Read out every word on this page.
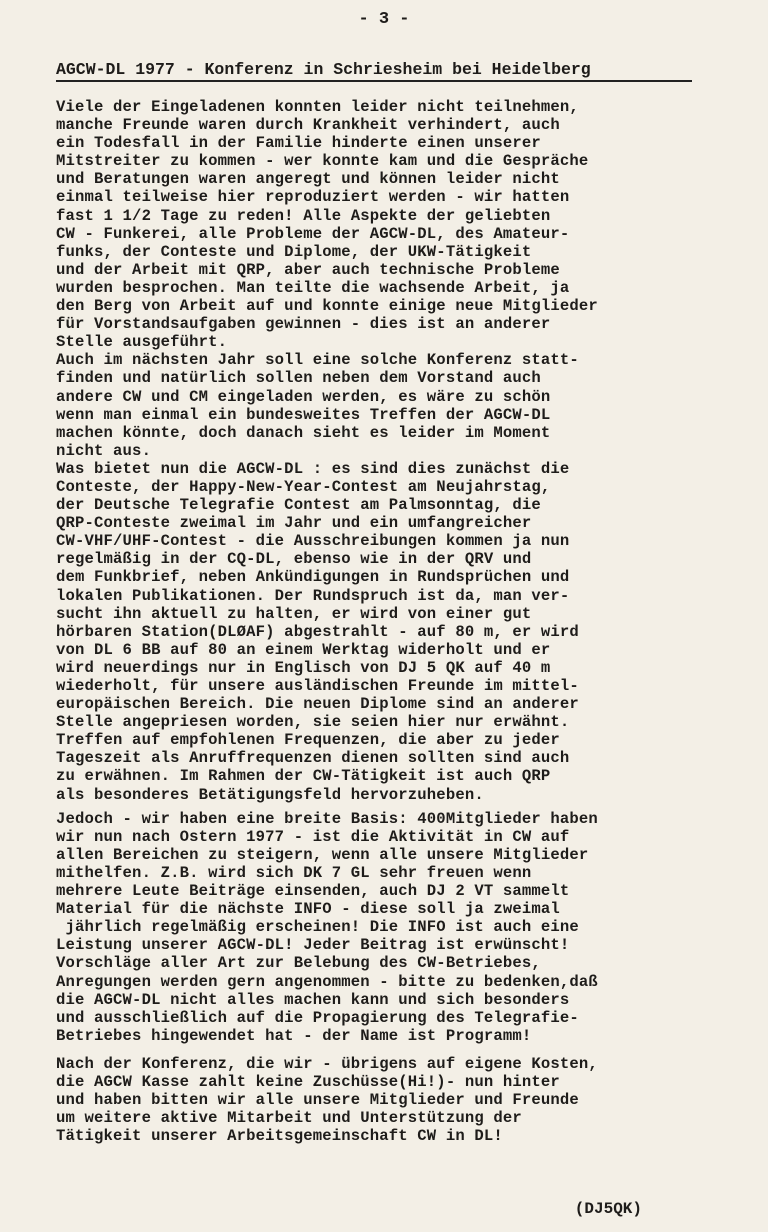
- 3 -
AGCW-DL 1977 - Konferenz in Schriesheim bei Heidelberg
Viele der Eingeladenen konnten leider nicht teilnehmen,
manche Freunde waren durch Krankheit verhindert, auch
ein Todesfall in der Familie hinderte einen unserer
Mitstreiter zu kommen - wer konnte kam und die Gespräche
und Beratungen waren angeregt und können leider nicht
einmal teilweise hier reproduziert werden - wir hatten
fast 1 1/2 Tage zu reden! Alle Aspekte der geliebten
CW - Funkerei, alle Probleme der AGCW-DL, des Amateur-
funks, der Conteste und Diplome, der UKW-Tätigkeit
und der Arbeit mit QRP, aber auch technische Probleme
wurden besprochen. Man teilte die wachsende Arbeit, ja
den Berg von Arbeit auf und konnte einige neue Mitglieder
für Vorstandsaufgaben gewinnen - dies ist an anderer
Stelle ausgeführt.
Auch im nächsten Jahr soll eine solche Konferenz statt-
finden und natürlich sollen neben dem Vorstand auch
andere CW und CM eingeladen werden, es wäre zu schön
wenn man einmal ein bundesweites Treffen der AGCW-DL
machen könnte, doch danach sieht es leider im Moment
nicht aus.
Was bietet nun die AGCW-DL : es sind dies zunächst die
Conteste, der Happy-New-Year-Contest am Neujahrstag,
der Deutsche Telegrafie Contest am Palmsonntag, die
QRP-Conteste zweimal im Jahr und ein umfangreicher
CW-VHF/UHF-Contest - die Ausschreibungen kommen ja nun
regelmäßig in der CQ-DL, ebenso wie in der QRV und
dem Funkbrief, neben Ankündigungen in Rundsprüchen und
lokalen Publikationen. Der Rundspruch ist da, man ver-
sucht ihn aktuell zu halten, er wird von einer gut
hörbaren Station(DLØAF) abgestrahlt - auf 80 m, er wird
von DL 6 BB auf 80 an einem Werktag widerholt und er
wird neuerdings nur in Englisch von DJ 5 QK auf 40 m
wiederholt, für unsere ausländischen Freunde im mittel-
europäischen Bereich. Die neuen Diplome sind an anderer
Stelle angepriesen worden, sie seien hier nur erwähnt.
Treffen auf empfohlenen Frequenzen, die aber zu jeder
Tageszeit als Anruffrequenzen dienen sollten sind auch
zu erwähnen. Im Rahmen der CW-Tätigkeit ist auch QRP
als besonderes Betätigungsfeld hervorzuheben.
Jedoch - wir haben eine breite Basis: 400Mitglieder haben
wir nun nach Ostern 1977 - ist die Aktivität in CW auf
allen Bereichen zu steigern, wenn alle unsere Mitglieder
mithelfen. Z.B. wird sich DK 7 GL sehr freuen wenn
mehrere Leute Beiträge einsenden, auch DJ 2 VT sammelt
Material für die nächste INFO - diese soll ja zweimal
jährlich regelmäßig erscheinen! Die INFO ist auch eine
Leistung unserer AGCW-DL! Jeder Beitrag ist erwünscht!
Vorschläge aller Art zur Belebung des CW-Betriebes,
Anregungen werden gern angenommen - bitte zu bedenken,daß
die AGCW-DL nicht alles machen kann und sich besonders
und ausschließlich auf die Propagierung des Telegrafie-
Betriebes hingewendet hat - der Name ist Programm!
Nach der Konferenz, die wir - übrigens auf eigene Kosten,
die AGCW Kasse zahlt keine Zuschüsse(Hi!)- nun hinter
und haben bitten wir alle unsere Mitglieder und Freunde
um weitere aktive Mitarbeit und Unterstützung der
Tätigkeit unserer Arbeitsgemeinschaft CW in DL!
(DJ5QK)
